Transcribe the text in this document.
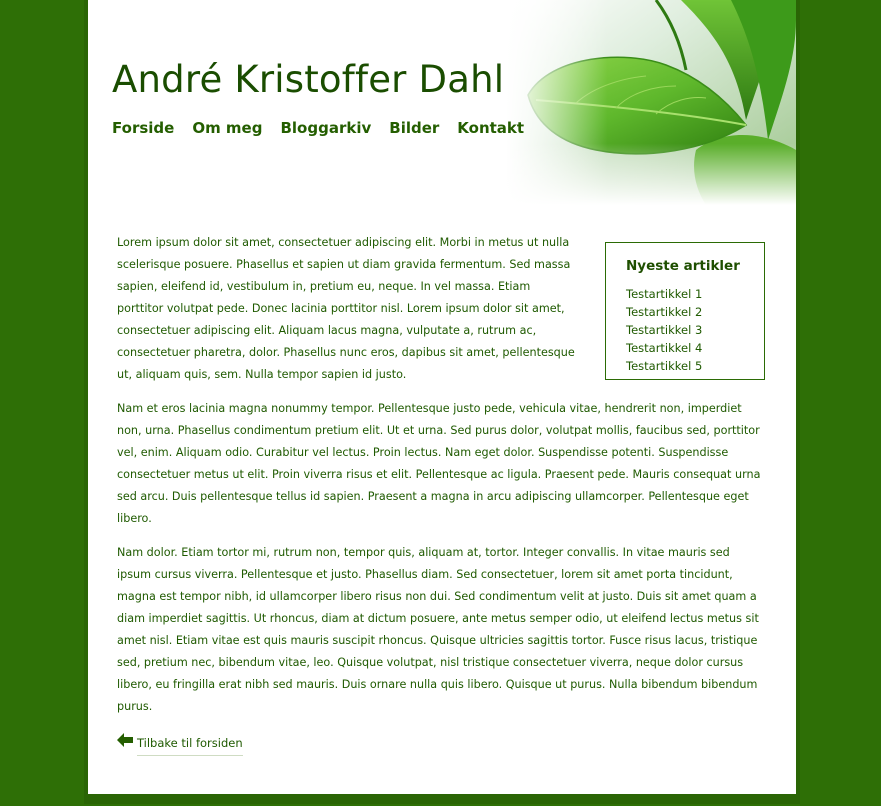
André Kristoffer Dahl
Forside Om meg Bloggarkiv Bilder Kontakt
Nyeste artikler
Testartikkel 1
Testartikkel 2
Testartikkel 3
Testartikkel 4
Testartikkel 5

Lorem ipsum dolor sit amet, consectetuer adipiscing elit. Morbi in metus ut nulla scelerisque posuere. Phasellus et sapien ut diam gravida fermentum. Sed massa sapien, eleifend id, vestibulum in, pretium eu, neque. In vel massa. Etiam porttitor volutpat pede. Donec lacinia porttitor nisl. Lorem ipsum dolor sit amet, consectetuer adipiscing elit. Aliquam lacus magna, vulputate a, rutrum ac, consectetuer pharetra, dolor. Phasellus nunc eros, dapibus sit amet, pellentesque ut, aliquam quis, sem. Nulla tempor sapien id justo.

Nam et eros lacinia magna nonummy tempor. Pellentesque justo pede, vehicula vitae, hendrerit non, imperdiet non, urna. Phasellus condimentum pretium elit. Ut et urna. Sed purus dolor, volutpat mollis, faucibus sed, porttitor vel, enim. Aliquam odio. Curabitur vel lectus. Proin lectus. Nam eget dolor. Suspendisse potenti. Suspendisse consectetuer metus ut elit. Proin viverra risus et elit. Pellentesque ac ligula. Praesent pede. Mauris consequat urna sed arcu. Duis pellentesque tellus id sapien. Praesent a magna in arcu adipiscing ullamcorper. Pellentesque eget libero.

Nam dolor. Etiam tortor mi, rutrum non, tempor quis, aliquam at, tortor. Integer convallis. In vitae mauris sed ipsum cursus viverra. Pellentesque et justo. Phasellus diam. Sed consectetuer, lorem sit amet porta tincidunt, magna est tempor nibh, id ullamcorper libero risus non dui. Sed condimentum velit at justo. Duis sit amet quam a diam imperdiet sagittis. Ut rhoncus, diam at dictum posuere, ante metus semper odio, ut eleifend lectus metus sit amet nisl. Etiam vitae est quis mauris suscipit rhoncus. Quisque ultricies sagittis tortor. Fusce risus lacus, tristique sed, pretium nec, bibendum vitae, leo. Quisque volutpat, nisl tristique consectetuer viverra, neque dolor cursus libero, eu fringilla erat nibh sed mauris. Duis ornare nulla quis libero. Quisque ut purus. Nulla bibendum bibendum purus.

Tilbake til forsiden
